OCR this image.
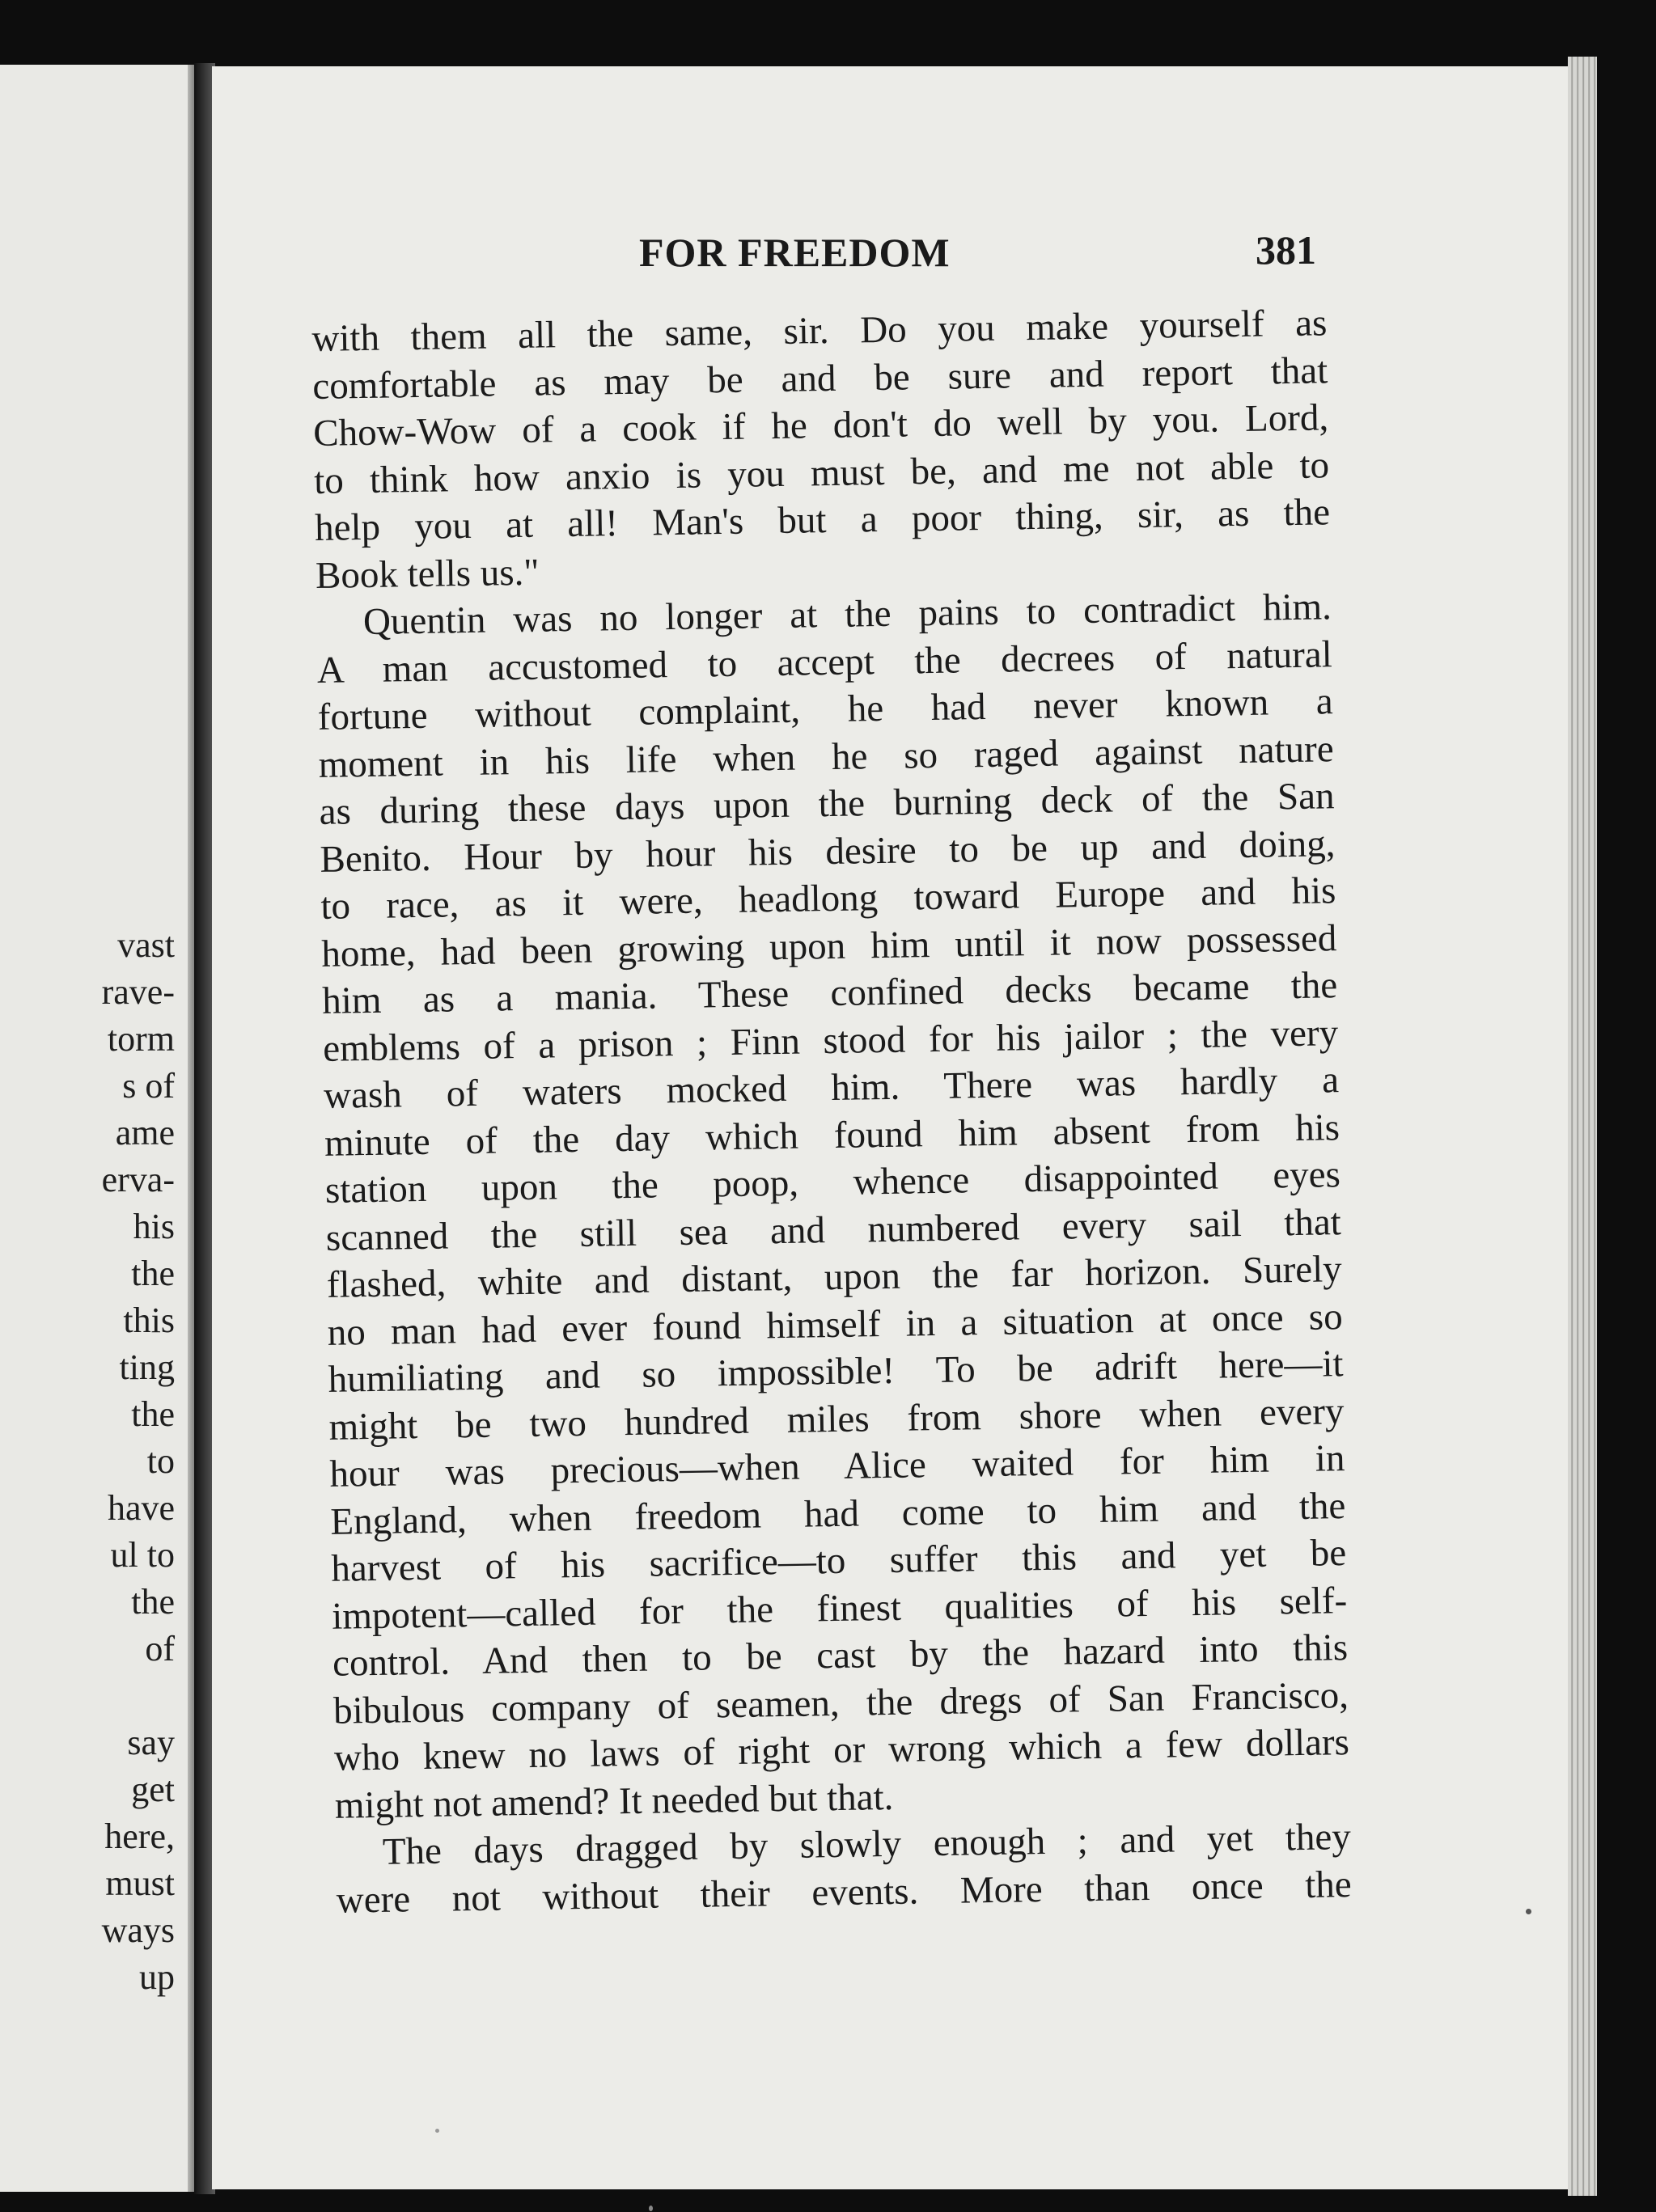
vast
rave-
torm
s of
ame
erva-
his
the
this
ting
the
to
have
ul to
the
of
say
get
here,
must
ways
up
FOR FREEDOM	381
with them all the same, sir. Do you make yourself as
comfortable as may be and be sure and report that
Chow-Wow of a cook if he don't do well by you. Lord,
to think how anxio is you must be, and me not able to
help you at all! Man's but a poor thing, sir, as the
Book tells us."
Quentin was no longer at the pains to contradict him.
A man accustomed to accept the decrees of natural
fortune without complaint, he had never known a
moment in his life when he so raged against nature
as during these days upon the burning deck of the San
Benito. Hour by hour his desire to be up and doing,
to race, as it were, headlong toward Europe and his
home, had been growing upon him until it now possessed
him as a mania. These confined decks became the
emblems of a prison ; Finn stood for his jailor ; the very
wash of waters mocked him. There was hardly a
minute of the day which found him absent from his
station upon the poop, whence disappointed eyes
scanned the still sea and numbered every sail that
flashed, white and distant, upon the far horizon. Surely
no man had ever found himself in a situation at once so
humiliating and so impossible! To be adrift here—it
might be two hundred miles from shore when every
hour was precious—when Alice waited for him in
England, when freedom had come to him and the
harvest of his sacrifice—to suffer this and yet be
impotent—called for the finest qualities of his self-
control. And then to be cast by the hazard into this
bibulous company of seamen, the dregs of San Francisco,
who knew no laws of right or wrong which a few dollars
might not amend? It needed but that.
The days dragged by slowly enough ; and yet they
were not without their events. More than once the
